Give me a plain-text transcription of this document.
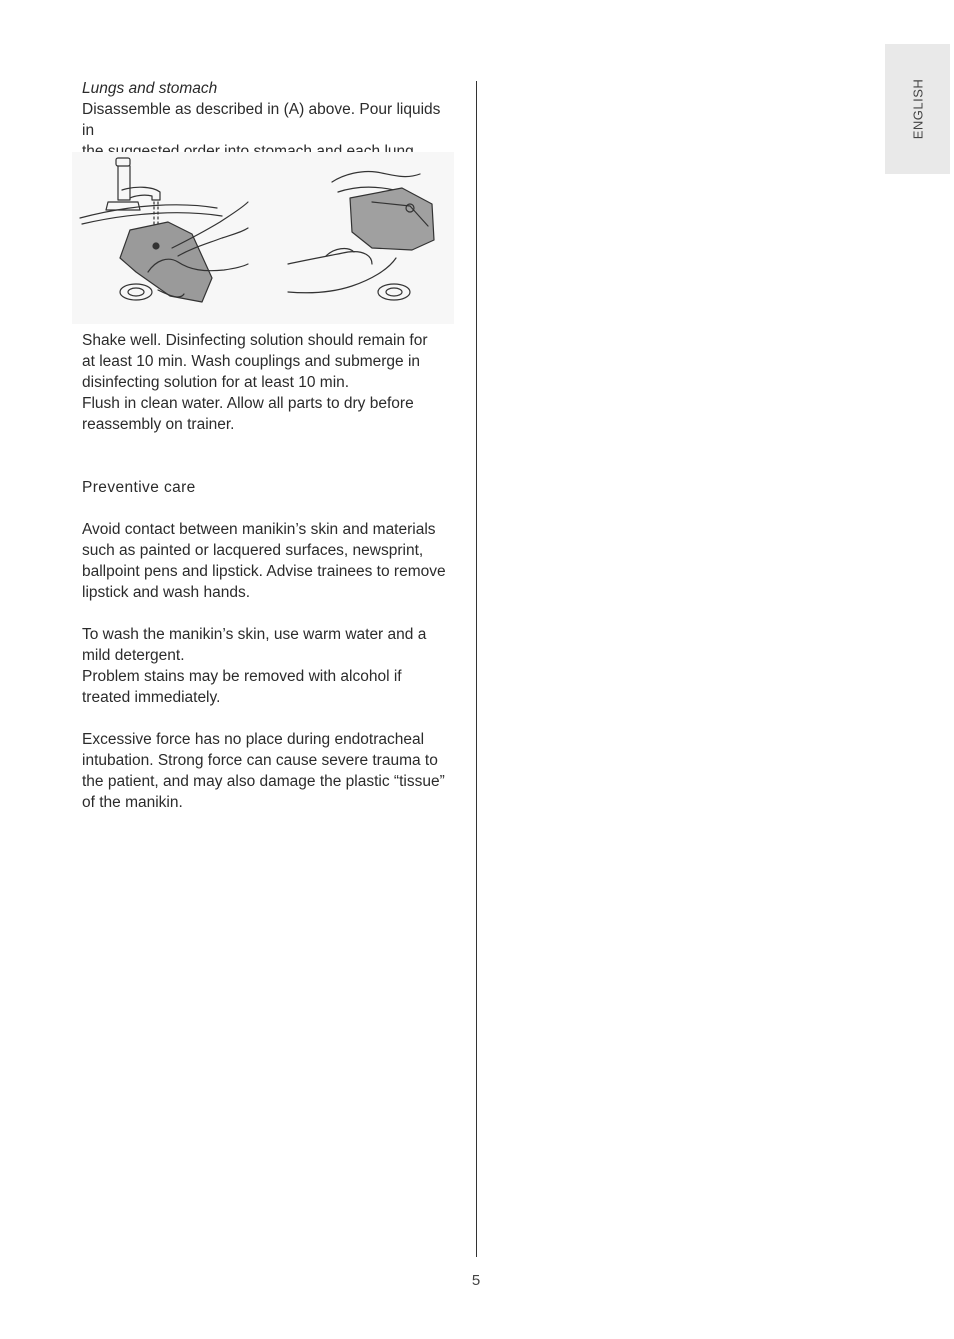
ENGLISH

Lungs and stomach

Disassemble as described in (A) above. Pour liquids in

Shake well. Disinfecting solution should remain for
at least 10 min. Wash couplings and submerge in
disinfecting solution for at least 10 min.
Flush in clean water. Allow all parts to dry before
reassembly on trainer.

Preventive care

Avoid contact between manikin’s skin and materials
such as painted or lacquered surfaces, newsprint,
ballpoint pens and lipstick. Advise trainees to remove
lipstick and wash hands.

To wash the manikin’s skin, use warm water and a
mild detergent.
Problem stains may be removed with alcohol if
treated immediately.

Excessive force has no place during endotracheal
intubation. Strong force can cause severe trauma to
the patient, and may also damage the plastic “tissue”
of the manikin.

5
